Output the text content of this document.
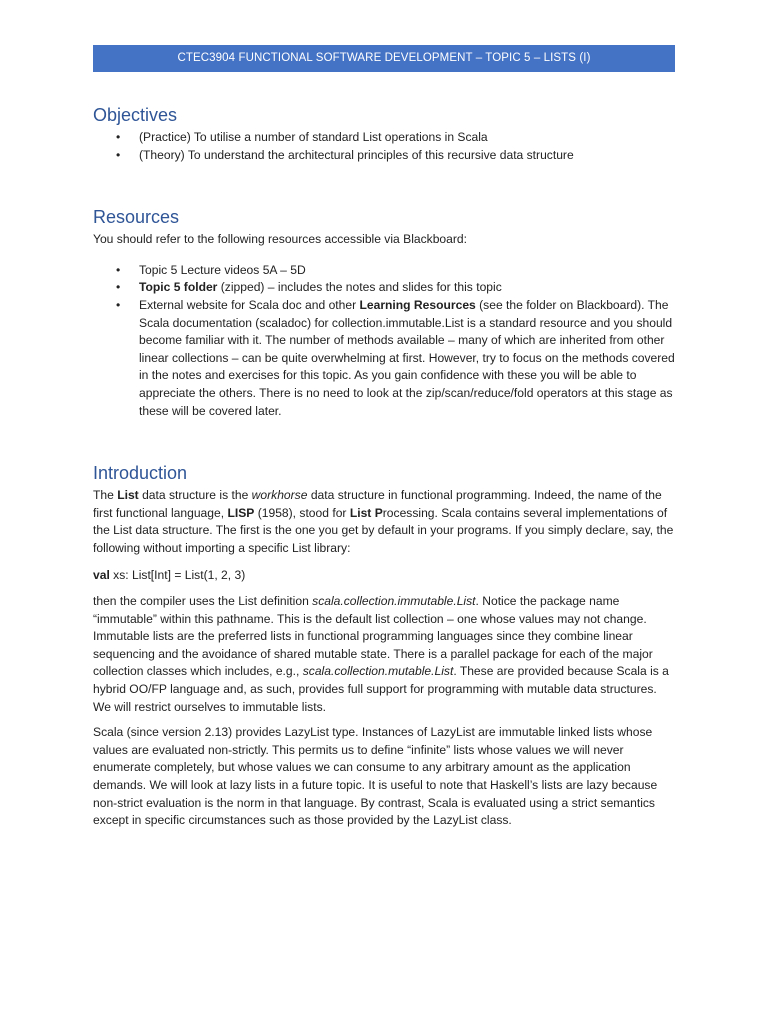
CTEC3904 FUNCTIONAL SOFTWARE DEVELOPMENT – TOPIC 5 – LISTS (I)
Objectives
• (Practice) To utilise a number of standard List operations in Scala
• (Theory) To understand the architectural principles of this recursive data structure
Resources

You should refer to the following resources accessible via Blackboard:

• Topic 5 Lecture videos 5A – 5D
• Topic 5 folder (zipped) – includes the notes and slides for this topic
• External website for Scala doc and other Learning Resources (see the folder on Blackboard). The Scala documentation (scaladoc) for collection.immutable.List is a standard resource and you should become familiar with it. The number of methods available – many of which are inherited from other linear collections – can be quite overwhelming at first. However, try to focus on the methods covered in the notes and exercises for this topic. As you gain confidence with these you will be able to appreciate the others. There is no need to look at the zip/scan/reduce/fold operators at this stage as these will be covered later.
Introduction

The List data structure is the workhorse data structure in functional programming. Indeed, the name of the first functional language, LISP (1958), stood for List Processing. Scala contains several implementations of the List data structure. The first is the one you get by default in your programs. If you simply declare, say, the following without importing a specific List library:

val xs: List[Int] = List(1, 2, 3)

then the compiler uses the List definition scala.collection.immutable.List. Notice the package name “immutable” within this pathname. This is the default list collection – one whose values may not change. Immutable lists are the preferred lists in functional programming languages since they combine linear sequencing and the avoidance of shared mutable state. There is a parallel package for each of the major collection classes which includes, e.g., scala.collection.mutable.List. These are provided because Scala is a hybrid OO/FP language and, as such, provides full support for programming with mutable data structures. We will restrict ourselves to immutable lists.

Scala (since version 2.13) provides LazyList type. Instances of LazyList are immutable linked lists whose values are evaluated non-strictly. This permits us to define “infinite” lists whose values we will never enumerate completely, but whose values we can consume to any arbitrary amount as the application demands. We will look at lazy lists in a future topic. It is useful to note that Haskell’s lists are lazy because non-strict evaluation is the norm in that language. By contrast, Scala is evaluated using a strict semantics except in specific circumstances such as those provided by the LazyList class.
